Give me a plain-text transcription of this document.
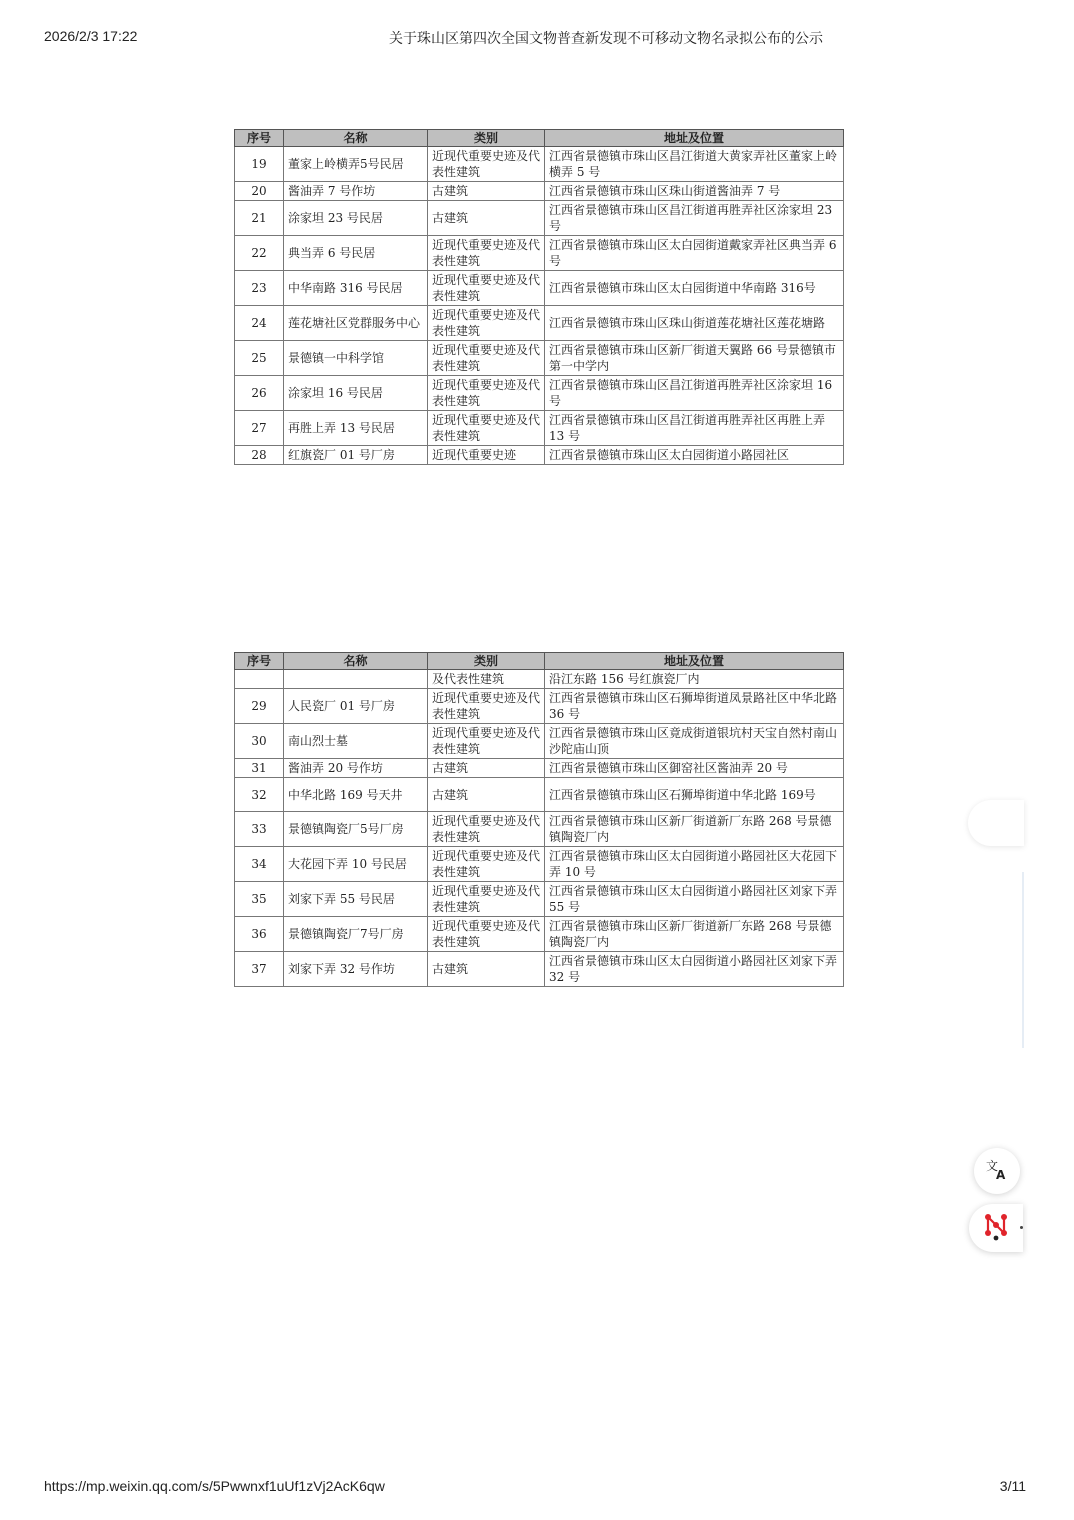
2026/2/3 17:22	关于珠山区第四次全国文物普查新发现不可移动文物名录拟公布的公示
序号	名称	类别	地址及位置
19	董家上岭横弄5号民居	近现代重要史迹及代表性建筑	江西省景德镇市珠山区昌江街道大黄家弄社区董家上岭横弄 5 号
20	酱油弄 7 号作坊	古建筑	江西省景德镇市珠山区珠山街道酱油弄 7 号
21	涂家坦 23 号民居	古建筑	江西省景德镇市珠山区昌江街道再胜弄社区涂家坦 23 号
22	典当弄 6 号民居	近现代重要史迹及代表性建筑	江西省景德镇市珠山区太白园街道戴家弄社区典当弄 6 号
23	中华南路 316 号民居	近现代重要史迹及代表性建筑	江西省景德镇市珠山区太白园街道中华南路 316号
24	莲花塘社区党群服务中心	近现代重要史迹及代表性建筑	江西省景德镇市珠山区珠山街道莲花塘社区莲花塘路
25	景德镇一中科学馆	近现代重要史迹及代表性建筑	江西省景德镇市珠山区新厂街道天翼路 66 号景德镇市第一中学内
26	涂家坦 16 号民居	近现代重要史迹及代表性建筑	江西省景德镇市珠山区昌江街道再胜弄社区涂家坦 16 号
27	再胜上弄 13 号民居	近现代重要史迹及代表性建筑	江西省景德镇市珠山区昌江街道再胜弄社区再胜上弄 13 号
28	红旗瓷厂 01 号厂房	近现代重要史迹	江西省景德镇市珠山区太白园街道小路园社区
序号	名称	类别	地址及位置
		及代表性建筑	沿江东路 156 号红旗瓷厂内
29	人民瓷厂 01 号厂房	近现代重要史迹及代表性建筑	江西省景德镇市珠山区石狮埠街道凤景路社区中华北路 36 号
30	南山烈士墓	近现代重要史迹及代表性建筑	江西省景德镇市珠山区竟成街道银坑村天宝自然村南山沙陀庙山顶
31	酱油弄 20 号作坊	古建筑	江西省景德镇市珠山区御窑社区酱油弄 20 号
32	中华北路 169 号天井	古建筑	江西省景德镇市珠山区石狮埠街道中华北路 169号
33	景德镇陶瓷厂5号厂房	近现代重要史迹及代表性建筑	江西省景德镇市珠山区新厂街道新厂东路 268 号景德镇陶瓷厂内
34	大花园下弄 10 号民居	近现代重要史迹及代表性建筑	江西省景德镇市珠山区太白园街道小路园社区大花园下弄 10 号
35	刘家下弄 55 号民居	近现代重要史迹及代表性建筑	江西省景德镇市珠山区太白园街道小路园社区刘家下弄 55 号
36	景德镇陶瓷厂7号厂房	近现代重要史迹及代表性建筑	江西省景德镇市珠山区新厂街道新厂东路 268 号景德镇陶瓷厂内
37	刘家下弄 32 号作坊	古建筑	江西省景德镇市珠山区太白园街道小路园社区刘家下弄 32 号
文
A
https://mp.weixin.qq.com/s/5Pwwnxf1uUf1zVj2AcK6qw	3/11
